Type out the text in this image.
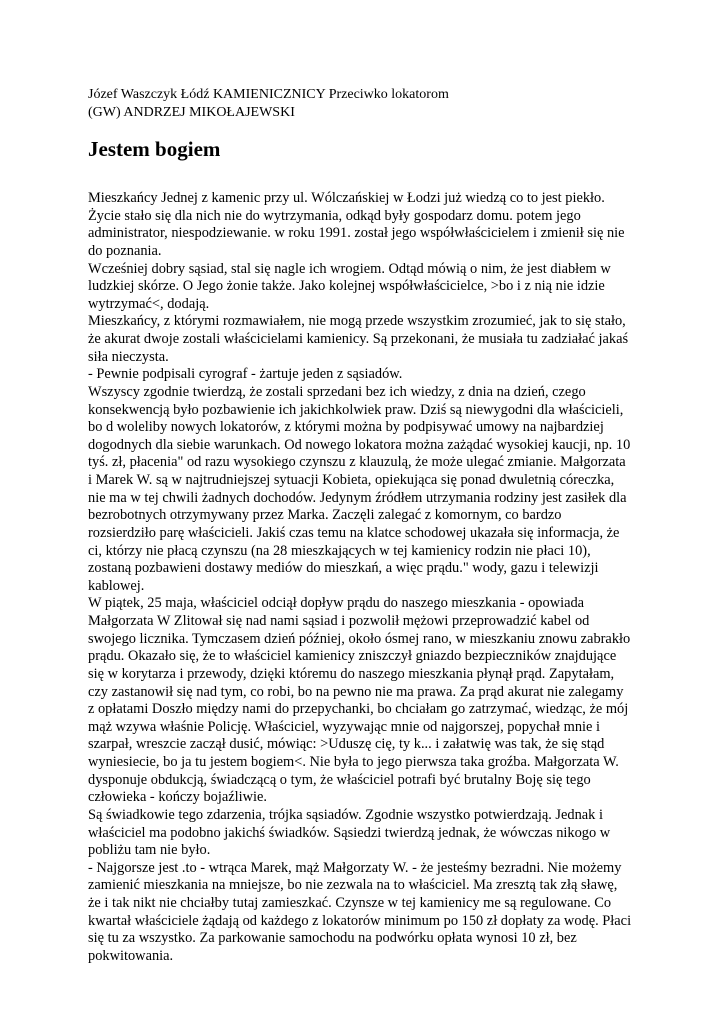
Józef Waszczyk Łódź KAMIENICZNICY Przeciwko lokatorom
(GW) ANDRZEJ MIKOŁAJEWSKI
Jestem bogiem
Mieszkańcy Jednej z kamenic przy ul. Wólczańskiej w Łodzi już wiedzą co to jest piekło.
Życie stało się dla nich nie do wytrzymania, odkąd były gospodarz domu. potem jego
administrator, niespodziewanie. w roku 1991. został jego współwłaścicielem i zmienił się nie
do poznania.
Wcześniej dobry sąsiad, stal się nagle ich wrogiem. Odtąd mówią o nim, że jest diabłem w
ludzkiej skórze. O Jego żonie także. Jako kolejnej współwłaścicielce, >bo i z nią nie idzie
wytrzymać<, dodają.
Mieszkańcy, z którymi rozmawiałem, nie mogą przede wszystkim zrozumieć, jak to się stało,
że akurat dwoje zostali właścicielami kamienicy. Są przekonani, że musiała tu zadziałać jakaś
siła nieczysta.
- Pewnie podpisali cyrograf - żartuje jeden z sąsiadów.
Wszyscy zgodnie twierdzą, że zostali sprzedani bez ich wiedzy, z dnia na dzień, czego
konsekwencją było pozbawienie ich jakichkolwiek praw. Dziś są niewygodni dla właścicieli,
bo d woleliby nowych lokatorów, z którymi można by podpisywać umowy na najbardziej
dogodnych dla siebie warunkach. Od nowego lokatora można zażądać wysokiej kaucji, np. 10
tyś. zł, płacenia" od razu wysokiego czynszu z klauzulą, że może ulegać zmianie. Małgorzata
i Marek W. są w najtrudniejszej sytuacji Kobieta, opiekująca się ponad dwuletnią córeczka,
nie ma w tej chwili żadnych dochodów. Jedynym źródłem utrzymania rodziny jest zasiłek dla
bezrobotnych otrzymywany przez Marka. Zaczęli zalegać z komornym, co bardzo
rozsierdziło parę właścicieli. Jakiś czas temu na klatce schodowej ukazała się informacja, że
ci, którzy nie płacą czynszu (na 28 mieszkających w tej kamienicy rodzin nie płaci 10),
zostaną pozbawieni dostawy mediów do mieszkań, a więc prądu." wody, gazu i telewizji
kablowej.
W piątek, 25 maja, właściciel odciął dopływ prądu do naszego mieszkania - opowiada
Małgorzata W Zlitował się nad nami sąsiad i pozwolił mężowi przeprowadzić kabel od
swojego licznika. Tymczasem dzień później, około ósmej rano, w mieszkaniu znowu zabrakło
prądu. Okazało się, że to właściciel kamienicy zniszczył gniazdo bezpieczników znajdujące
się w korytarza i przewody, dzięki któremu do naszego mieszkania płynął prąd. Zapytałam,
czy zastanowił się nad tym, co robi, bo na pewno nie ma prawa. Za prąd akurat nie zalegamy
z opłatami Doszło między nami do przepychanki, bo chciałam go zatrzymać, wiedząc, że mój
mąż wzywa właśnie Policję. Właściciel, wyzywając mnie od najgorszej, popychał mnie i
szarpał, wreszcie zaczął dusić, mówiąc: >Uduszę cię, ty k... i załatwię was tak, że się stąd
wyniesiecie, bo ja tu jestem bogiem<. Nie była to jego pierwsza taka groźba. Małgorzata W.
dysponuje obdukcją, świadczącą o tym, że właściciel potrafi być brutalny Boję się tego
człowieka - kończy bojaźliwie.
Są świadkowie tego zdarzenia, trójka sąsiadów. Zgodnie wszystko potwierdzają. Jednak i
właściciel ma podobno jakichś świadków. Sąsiedzi twierdzą jednak, że wówczas nikogo w
pobliżu tam nie było.
- Najgorsze jest .to - wtrąca Marek, mąż Małgorzaty W. - że jesteśmy bezradni. Nie możemy
zamienić mieszkania na mniejsze, bo nie zezwala na to właściciel. Ma zresztą tak złą sławę,
że i tak nikt nie chciałby tutaj zamieszkać. Czynsze w tej kamienicy me są regulowane. Co
kwartał właściciele żądają od każdego z lokatorów minimum po 150 zł dopłaty za wodę. Płaci
się tu za wszystko. Za parkowanie samochodu na podwórku opłata wynosi 10 zł, bez
pokwitowania.
